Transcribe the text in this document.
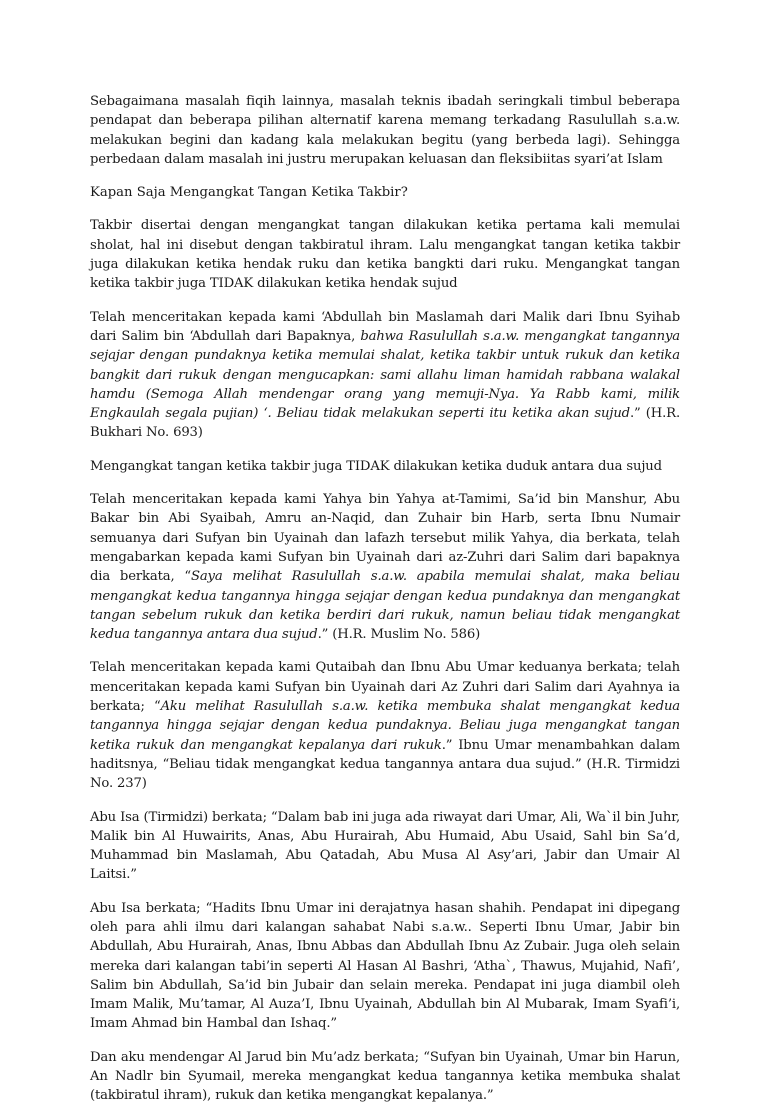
Sebagaimana masalah fiqih lainnya, masalah teknis ibadah seringkali timbul beberapa pendapat dan beberapa pilihan alternatif karena memang terkadang Rasulullah s.a.w. melakukan begini dan kadang kala melakukan begitu (yang berbeda lagi). Sehingga perbedaan dalam masalah ini justru merupakan keluasan dan fleksibiitas syari’at Islam

Kapan Saja Mengangkat Tangan Ketika Takbir?

Takbir disertai dengan mengangkat tangan dilakukan ketika pertama kali memulai sholat, hal ini disebut dengan takbiratul ihram. Lalu mengangkat tangan ketika takbir juga dilakukan ketika hendak ruku dan ketika bangkti dari ruku. Mengangkat tangan ketika takbir juga TIDAK dilakukan ketika hendak sujud

Telah menceritakan kepada kami ‘Abdullah bin Maslamah dari Malik dari Ibnu Syihab dari Salim bin ‘Abdullah dari Bapaknya, bahwa Rasulullah s.a.w. mengangkat tangannya sejajar dengan pundaknya ketika memulai shalat, ketika takbir untuk rukuk dan ketika bangkit dari rukuk dengan mengucapkan: sami allahu liman hamidah rabbana walakal hamdu (Semoga Allah mendengar orang yang memuji-Nya. Ya Rabb kami, milik Engkaulah segala pujian) ‘. Beliau tidak melakukan seperti itu ketika akan sujud.” (H.R. Bukhari No. 693)

Mengangkat tangan ketika takbir juga TIDAK dilakukan ketika duduk antara dua sujud

Telah menceritakan kepada kami Yahya bin Yahya at-Tamimi, Sa’id bin Manshur, Abu Bakar bin Abi Syaibah, Amru an-Naqid, dan Zuhair bin Harb, serta Ibnu Numair semuanya dari Sufyan bin Uyainah dan lafazh tersebut milik Yahya, dia berkata, telah mengabarkan kepada kami Sufyan bin Uyainah dari az-Zuhri dari Salim dari bapaknya dia berkata, “Saya melihat Rasulullah s.a.w. apabila memulai shalat, maka beliau mengangkat kedua tangannya hingga sejajar dengan kedua pundaknya dan mengangkat tangan sebelum rukuk dan ketika berdiri dari rukuk, namun beliau tidak mengangkat kedua tangannya antara dua sujud.” (H.R. Muslim No. 586)

Telah menceritakan kepada kami Qutaibah dan Ibnu Abu Umar keduanya berkata; telah menceritakan kepada kami Sufyan bin Uyainah dari Az Zuhri dari Salim dari Ayahnya ia berkata; “Aku melihat Rasulullah s.a.w. ketika membuka shalat mengangkat kedua tangannya hingga sejajar dengan kedua pundaknya. Beliau juga mengangkat tangan ketika rukuk dan mengangkat kepalanya dari rukuk.” Ibnu Umar menambahkan dalam haditsnya, “Beliau tidak mengangkat kedua tangannya antara dua sujud.” (H.R. Tirmidzi No. 237)

Abu Isa (Tirmidzi) berkata; “Dalam bab ini juga ada riwayat dari Umar, Ali, Wa`il bin Juhr, Malik bin Al Huwairits, Anas, Abu Hurairah, Abu Humaid, Abu Usaid, Sahl bin Sa’d, Muhammad bin Maslamah, Abu Qatadah, Abu Musa Al Asy’ari, Jabir dan Umair Al Laitsi.”

Abu Isa berkata; “Hadits Ibnu Umar ini derajatnya hasan shahih. Pendapat ini dipegang oleh para ahli ilmu dari kalangan sahabat Nabi s.a.w.. Seperti Ibnu Umar, Jabir bin Abdullah, Abu Hurairah, Anas, Ibnu Abbas dan Abdullah Ibnu Az Zubair. Juga oleh selain mereka dari kalangan tabi’in seperti Al Hasan Al Bashri, ‘Atha`, Thawus, Mujahid, Nafi’, Salim bin Abdullah, Sa’id bin Jubair dan selain mereka. Pendapat ini juga diambil oleh Imam Malik, Mu’tamar, Al Auza’I, Ibnu Uyainah, Abdullah bin Al Mubarak, Imam Syafi’i, Imam Ahmad bin Hambal dan Ishaq.”

Dan aku mendengar Al Jarud bin Mu’adz berkata; “Sufyan bin Uyainah, Umar bin Harun, An Nadlr bin Syumail, mereka mengangkat kedua tangannya ketika membuka shalat (takbiratul ihram), rukuk dan ketika mengangkat kepalanya.”
